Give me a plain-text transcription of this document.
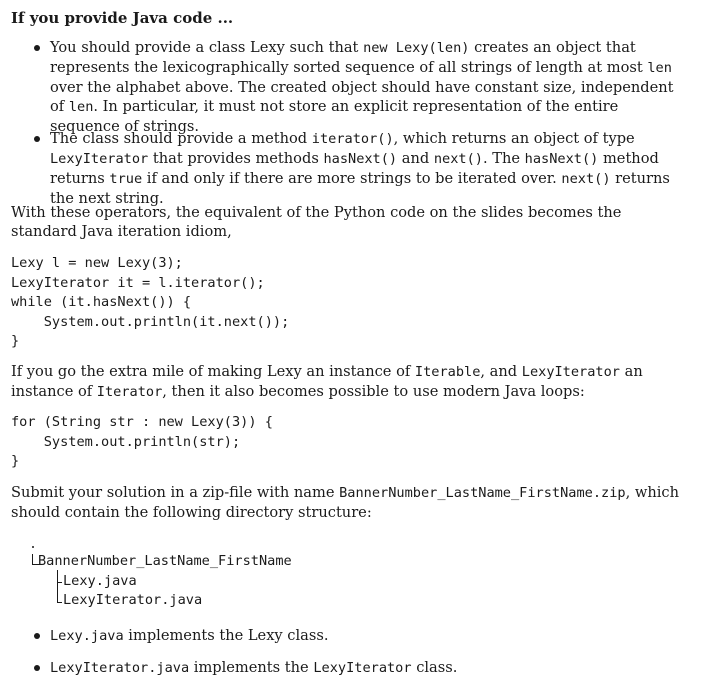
If you provide Java code ...
You should provide a class Lexy such that new Lexy(len) creates an object that represents the lexicographically sorted sequence of all strings of length at most len over the alphabet above. The created object should have constant size, independent of len. In particular, it must not store an explicit representation of the entire sequence of strings.
The class should provide a method iterator(), which returns an object of type LexyIterator that provides methods hasNext() and next(). The hasNext() method returns true if and only if there are more strings to be iterated over. next() returns the next string.
With these operators, the equivalent of the Python code on the slides becomes the standard Java iteration idiom,
Lexy l = new Lexy(3);
LexyIterator it = l.iterator();
while (it.hasNext()) {
System.out.println(it.next());
}
If you go the extra mile of making Lexy an instance of Iterable, and LexyIterator an instance of Iterator, then it also becomes possible to use modern Java loops:
for (String str : new Lexy(3)) {
System.out.println(str);
}
Submit your solution in a zip-file with name BannerNumber_LastName_FirstName.zip, which should contain the following directory structure:
BannerNumber_LastName_FirstName
Lexy.java
LexyIterator.java
Lexy.java implements the Lexy class.
LexyIterator.java implements the LexyIterator class.
